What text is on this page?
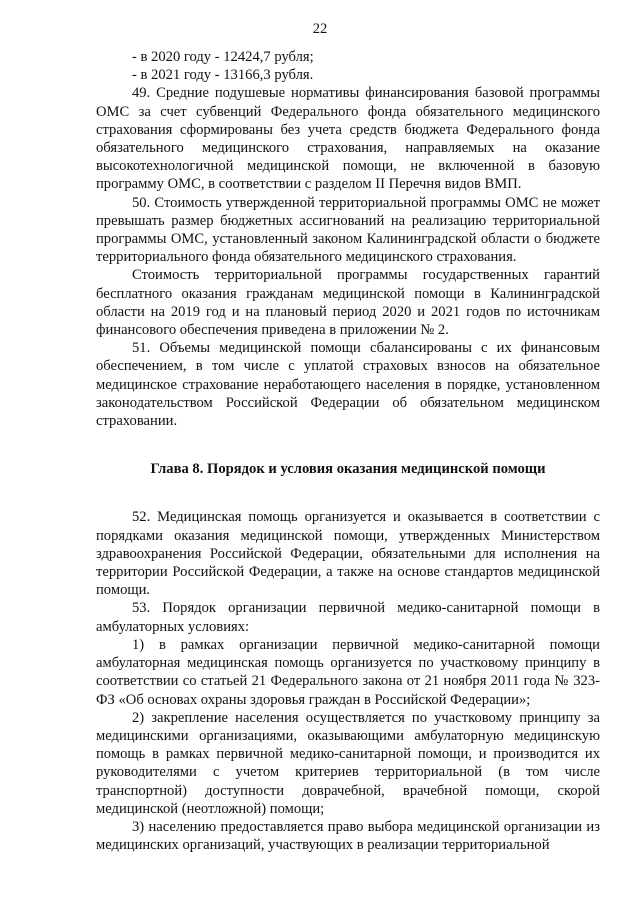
22

- в 2020 году - 12424,7 рубля;

- в 2021 году - 13166,3 рубля.

49. Средние подушевые нормативы финансирования базовой программы ОМС за счет субвенций Федерального фонда обязательного медицинского страхования сформированы без учета средств бюджета Федерального фонда обязательного медицинского страхования, направляемых на оказание высокотехнологичной медицинской помощи, не включенной в базовую программу ОМС, в соответствии с разделом II Перечня видов ВМП.

50. Стоимость утвержденной территориальной программы ОМС не может превышать размер бюджетных ассигнований на реализацию территориальной программы ОМС, установленный законом Калининградской области о бюджете территориального фонда обязательного медицинского страхования.

Стоимость территориальной программы государственных гарантий бесплатного оказания гражданам медицинской помощи в Калининградской области на 2019 год и на плановый период 2020 и 2021 годов по источникам финансового обеспечения приведена в приложении № 2.

51. Объемы медицинской помощи сбалансированы с их финансовым обеспечением, в том числе с уплатой страховых взносов на обязательное медицинское страхование неработающего населения в порядке, установленном законодательством Российской Федерации об обязательном медицинском страховании.

Глава 8. Порядок и условия оказания медицинской помощи

52. Медицинская помощь организуется и оказывается в соответствии с порядками оказания медицинской помощи, утвержденных Министерством здравоохранения Российской Федерации, обязательными для исполнения на территории Российской Федерации, а также на основе стандартов медицинской помощи.

53. Порядок организации первичной медико-санитарной помощи в амбулаторных условиях:

1) в рамках организации первичной медико-санитарной помощи амбулаторная медицинская помощь организуется по участковому принципу в соответствии со статьей 21 Федерального закона от 21 ноября 2011 года № 323-ФЗ «Об основах охраны здоровья граждан в Российской Федерации»;

2) закрепление населения осуществляется по участковому принципу за медицинскими организациями, оказывающими амбулаторную медицинскую помощь в рамках первичной медико-санитарной помощи, и производится их руководителями с учетом критериев территориальной (в том числе транспортной) доступности доврачебной, врачебной помощи, скорой медицинской (неотложной) помощи;

3) населению предоставляется право выбора медицинской организации из медицинских организаций, участвующих в реализации территориальной
